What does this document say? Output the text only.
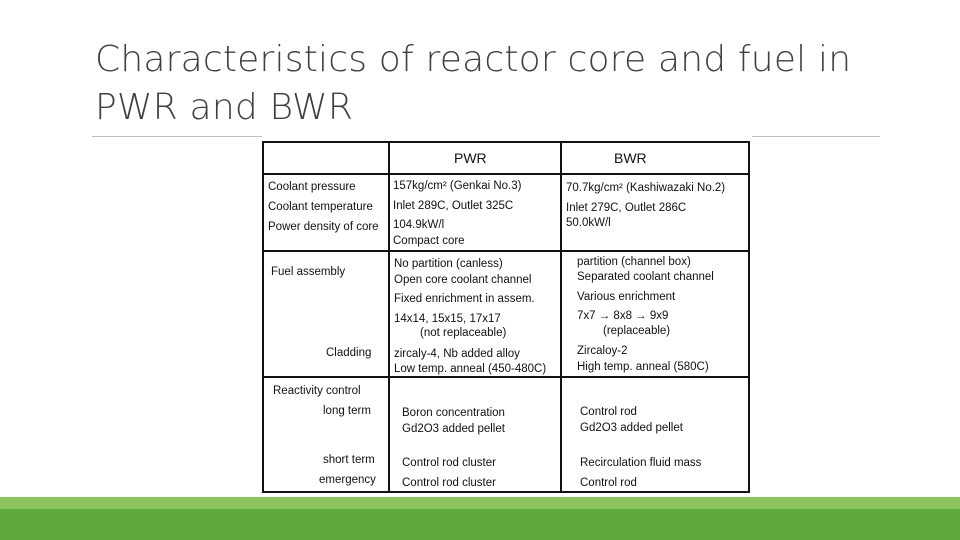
Characteristics of reactor core and fuel in
PWR and BWR
PWR	BWR
Coolant pressure
Coolant temperature
Power density of core
157kg/cm² (Genkai No.3)
Inlet 289C, Outlet 325C
104.9kW/l
Compact core
70.7kg/cm² (Kashiwazaki No.2)
Inlet 279C, Outlet 286C
50.0kW/l
Fuel assembly
Cladding
No partition (canless)
Open core coolant channel
Fixed enrichment in assem.
14x14, 15x15, 17x17
(not replaceable)
zircaly-4, Nb added alloy
Low temp. anneal (450-480C)
partition (channel box)
Separated coolant channel
Various enrichment
7x7 → 8x8 → 9x9
(replaceable)
Zircaloy-2
High temp. anneal (580C)
Reactivity control
long term
short term
emergency
Boron concentration
Gd2O3 added pellet
Control rod cluster
Control rod cluster
Control rod
Gd2O3 added pellet
Recirculation fluid mass
Control rod
